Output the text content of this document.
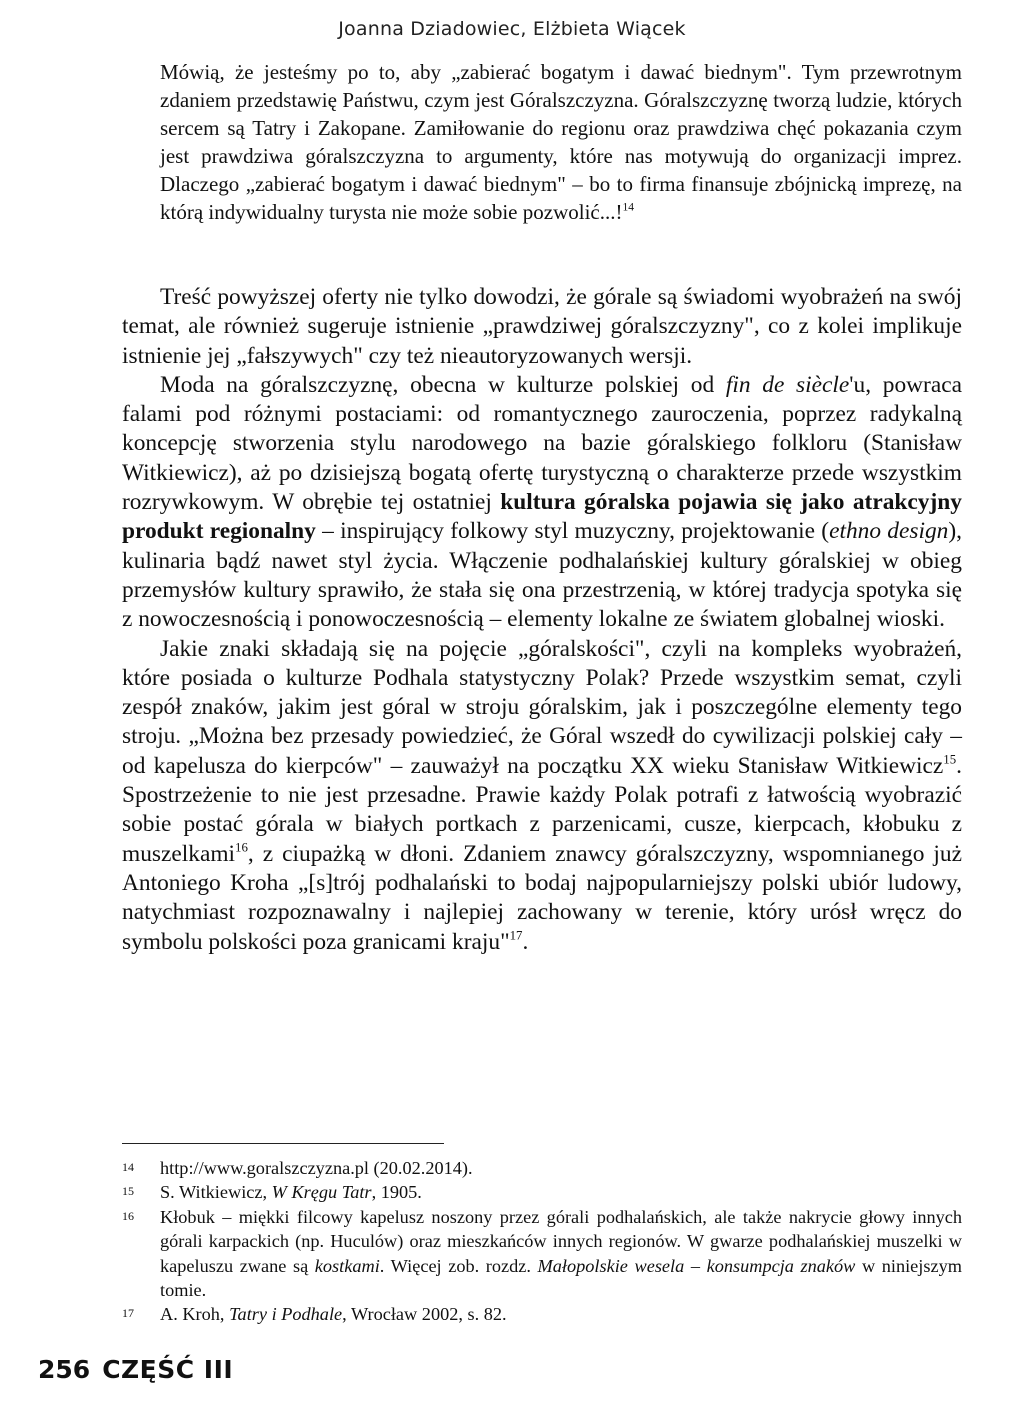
Joanna Dziadowiec, Elżbieta Wiącek

Mówią, że jesteśmy po to, aby „zabierać bogatym i dawać biednym". Tym przewrotnym zdaniem przedstawię Państwu, czym jest Góralszczyzna. Góralszczyznę tworzą ludzie, których sercem są Tatry i Zakopane. Zamiłowanie do regionu oraz prawdziwa chęć pokazania czym jest prawdziwa góralszczyzna to argumenty, które nas motywują do organizacji imprez. Dlaczego „zabierać bogatym i dawać biednym" – bo to firma finansuje zbójnicką imprezę, na którą indywidualny turysta nie może sobie pozwolić...!$^{14}$

Treść powyższej oferty nie tylko dowodzi, że górale są świadomi wyobrażeń na swój temat, ale również sugeruje istnienie „prawdziwej góralszczyzny", co z kolei implikuje istnienie jej „fałszywych" czy też nieautoryzowanych wersji.

Moda na góralszczyznę, obecna w kulturze polskiej od fin de siècle'u, powraca falami pod różnymi postaciami: od romantycznego zauroczenia, poprzez radykalną koncepcję stworzenia stylu narodowego na bazie góralskiego folkloru (Stanisław Witkiewicz), aż po dzisiejszą bogatą ofertę turystyczną o charakterze przede wszystkim rozrywkowym. W obrębie tej ostatniej kultura góralska pojawia się jako atrakcyjny produkt regionalny – inspirujący folkowy styl muzyczny, projektowanie (ethno design), kulinaria bądź nawet styl życia. Włączenie podhalańskiej kultury góralskiej w obieg przemysłów kultury sprawiło, że stała się ona przestrzenią, w której tradycja spotyka się z nowoczesnością i ponowoczesnością – elementy lokalne ze światem globalnej wioski.

Jakie znaki składają się na pojęcie „góralskości", czyli na kompleks wyobrażeń, które posiada o kulturze Podhala statystyczny Polak? Przede wszystkim semat, czyli zespół znaków, jakim jest góral w stroju góralskim, jak i poszczególne elementy tego stroju. „Można bez przesady powiedzieć, że Góral wszedł do cywilizacji polskiej cały – od kapelusza do kierpców" – zauważył na początku XX wieku Stanisław Witkiewicz$^{15}$. Spostrzeżenie to nie jest przesadne. Prawie każdy Polak potrafi z łatwością wyobrazić sobie postać górala w białych portkach z parzenicami, cusze, kierpcach, kłobuku z muszelkami$^{16}$, z ciupażką w dłoni. Zdaniem znawcy góralszczyzny, wspomnianego już Antoniego Kroha „[s]trój podhalański to bodaj najpopularniejszy polski ubiór ludowy, natychmiast rozpoznawalny i najlepiej zachowany w terenie, który urósł wręcz do symbolu polskości poza granicami kraju"$^{17}$.

14	http://www.goralszczyzna.pl (20.02.2014).
15	S. Witkiewicz, W Kręgu Tatr, 1905.
16	Kłobuk – miękki filcowy kapelusz noszony przez górali podhalańskich, ale także nakrycie głowy innych górali karpackich (np. Huculów) oraz mieszkańców innych regionów. W gwarze podhalańskiej muszelki w kapeluszu zwane są kostkami. Więcej zob. rozdz. Małopolskie wesela – konsumpcja znaków w niniejszym tomie.
17	A. Kroh, Tatry i Podhale, Wrocław 2002, s. 82.
256 CZĘŚĆ III
